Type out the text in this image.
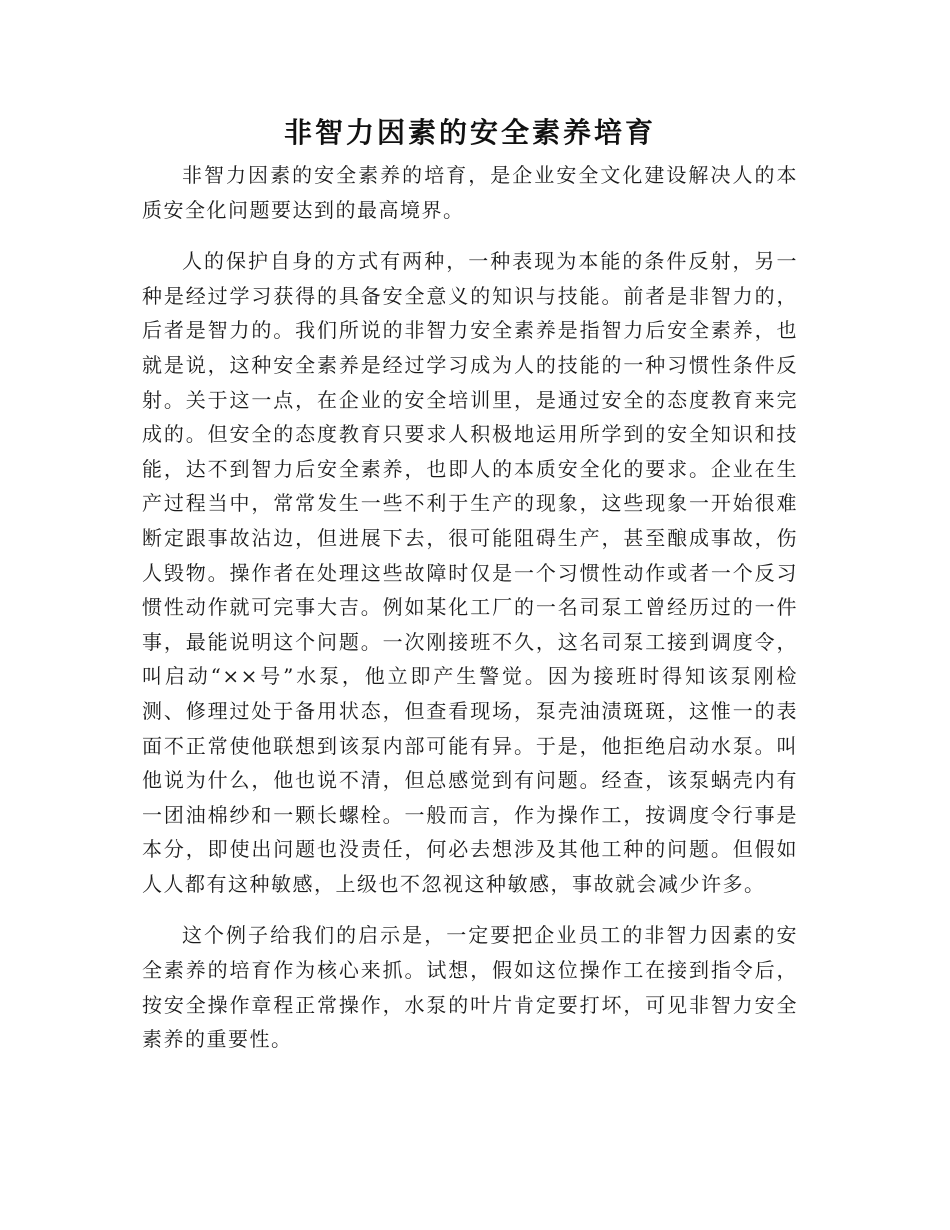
非智力因素的安全素养培育

非智力因素的安全素养的培育，是企业安全文化建设解决人的本质安全化问题要达到的最高境界。

人的保护自身的方式有两种，一种表现为本能的条件反射，另一种是经过学习获得的具备安全意义的知识与技能。前者是非智力的，后者是智力的。我们所说的非智力安全素养是指智力后安全素养，也就是说，这种安全素养是经过学习成为人的技能的一种习惯性条件反射。关于这一点，在企业的安全培训里，是通过安全的态度教育来完成的。但安全的态度教育只要求人积极地运用所学到的安全知识和技能，达不到智力后安全素养，也即人的本质安全化的要求。企业在生产过程当中，常常发生一些不利于生产的现象，这些现象一开始很难断定跟事故沾边，但进展下去，很可能阻碍生产，甚至酿成事故，伤人毁物。操作者在处理这些故障时仅是一个习惯性动作或者一个反习惯性动作就可完事大吉。例如某化工厂的一名司泵工曾经历过的一件事，最能说明这个问题。一次刚接班不久，这名司泵工接到调度令，叫启动“××号”水泵，他立即产生警觉。因为接班时得知该泵刚检测、修理过处于备用状态，但查看现场，泵壳油渍斑斑，这惟一的表面不正常使他联想到该泵内部可能有异。于是，他拒绝启动水泵。叫他说为什么，他也说不清，但总感觉到有问题。经查，该泵蜗壳内有一团油棉纱和一颗长螺栓。一般而言，作为操作工，按调度令行事是本分，即使出问题也没责任，何必去想涉及其他工种的问题。但假如人人都有这种敏感，上级也不忽视这种敏感，事故就会减少许多。

这个例子给我们的启示是，一定要把企业员工的非智力因素的安全素养的培育作为核心来抓。试想，假如这位操作工在接到指令后，按安全操作章程正常操作，水泵的叶片肯定要打坏，可见非智力安全素养的重要性。
